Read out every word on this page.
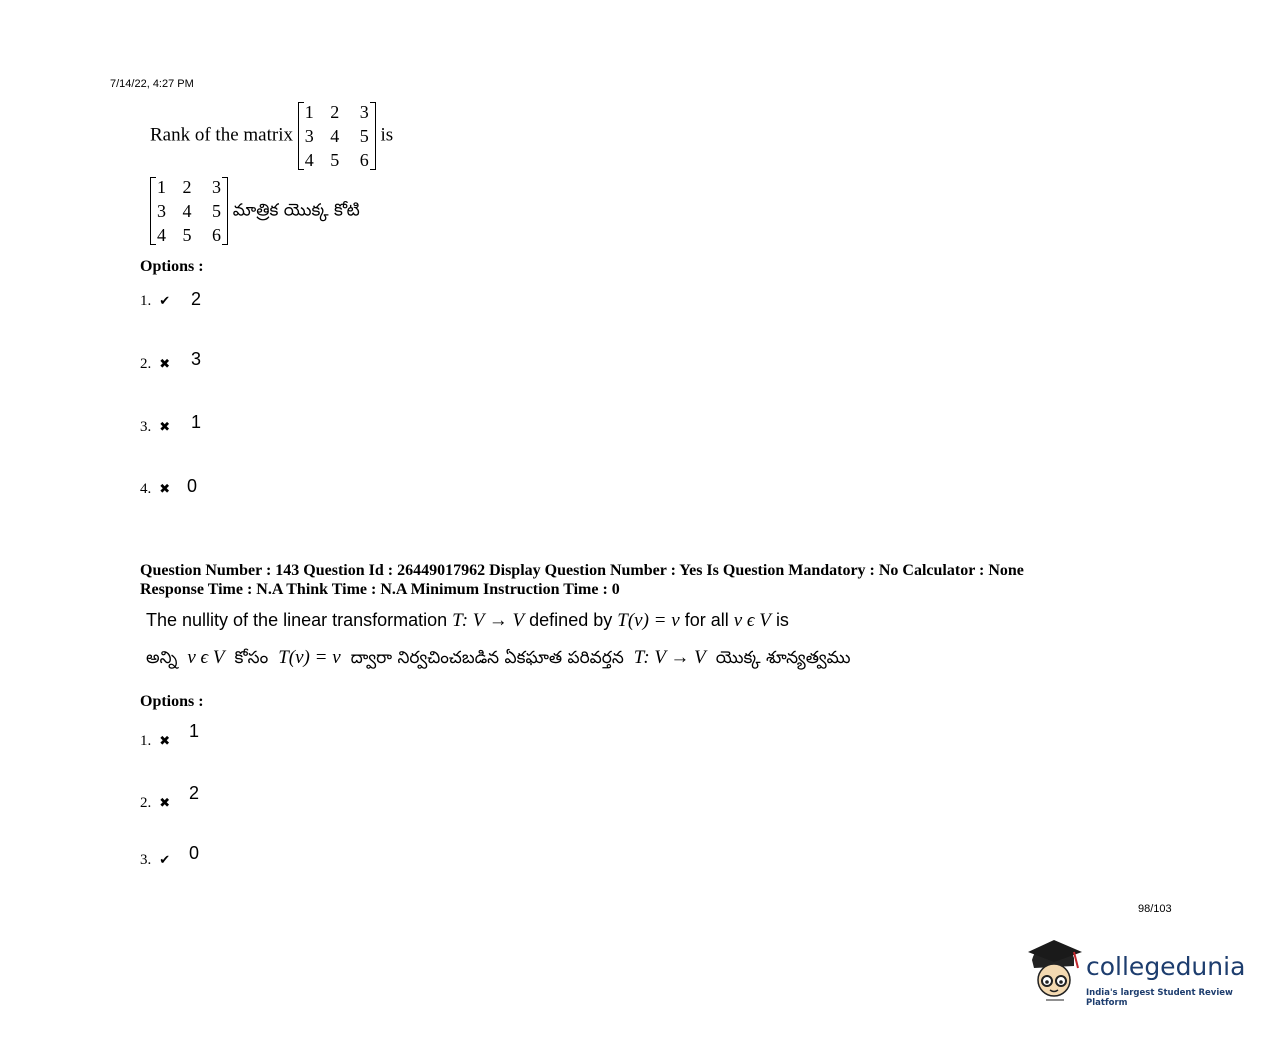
7/14/22, 4:27 PM
Rank of the matrix
1 2	3
3 4	5
4 5	6
is
1 2	3
3 4	5
4 5	6
మాత్రిక యొక్క కోటి
Options :
1. ✔ 2
2. ✖ 3
3. ✖ 1
4. ✖ 0
Question Number : 143 Question Id : 26449017962 Display Question Number : Yes Is Question Mandatory : No Calculator : None
Response Time : N.A Think Time : N.A Minimum Instruction Time : 0
The nullity of the linear transformation T: V → V defined by T(v) = v for all v ϵ V is
అన్ని v ϵ V కోసం T(v) = v ద్వారా నిర్వచించబడిన ఏకఘాత పరివర్తన T: V → V యొక్క శూన్యత్వము
Options :
1. ✖
1
2. ✖
2
3. ✔ 0
98/103
collegedunia
India's largest Student Review Platform
